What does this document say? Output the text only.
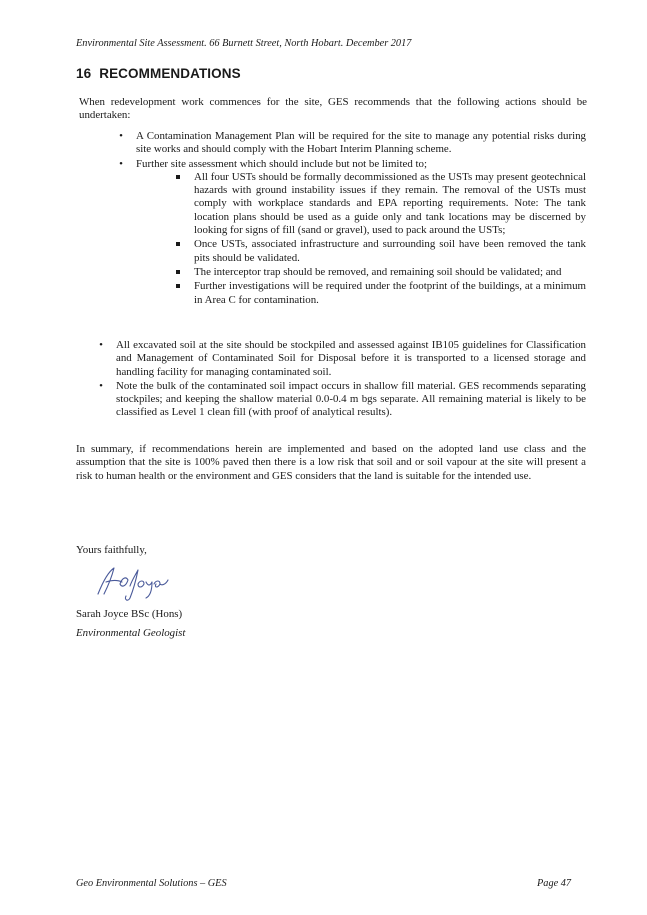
Environmental Site Assessment. 66 Burnett Street, North Hobart. December 2017
16 RECOMMENDATIONS

When redevelopment work commences for the site, GES recommends that the following actions should be undertaken:

• A Contamination Management Plan will be required for the site to manage any potential risks during site works and should comply with the Hobart Interim Planning scheme.
• Further site assessment which should include but not be limited to;
All four USTs should be formally decommissioned as the USTs may present geotechnical hazards with ground instability issues if they remain. The removal of the USTs must comply with workplace standards and EPA reporting requirements. Note: The tank location plans should be used as a guide only and tank locations may be discerned by looking for signs of fill (sand or gravel), used to pack around the USTs;
Once USTs, associated infrastructure and surrounding soil have been removed the tank pits should be validated.
The interceptor trap should be removed, and remaining soil should be validated; and
Further investigations will be required under the footprint of the buildings, at a minimum in Area C for contamination.
• All excavated soil at the site should be stockpiled and assessed against IB105 guidelines for Classification and Management of Contaminated Soil for Disposal before it is transported to a licensed storage and handling facility for managing contaminated soil.
• Note the bulk of the contaminated soil impact occurs in shallow fill material. GES recommends separating stockpiles; and keeping the shallow material 0.0-0.4 m bgs separate. All remaining material is likely to be classified as Level 1 clean fill (with proof of analytical results).

In summary, if recommendations herein are implemented and based on the adopted land use class and the assumption that the site is 100% paved then there is a low risk that soil and or soil vapour at the site will present a risk to human health or the environment and GES considers that the land is suitable for the intended use.

Yours faithfully,
Sarah Joyce BSc (Hons)
Environmental Geologist
Geo Environmental Solutions – GES	Page 47
